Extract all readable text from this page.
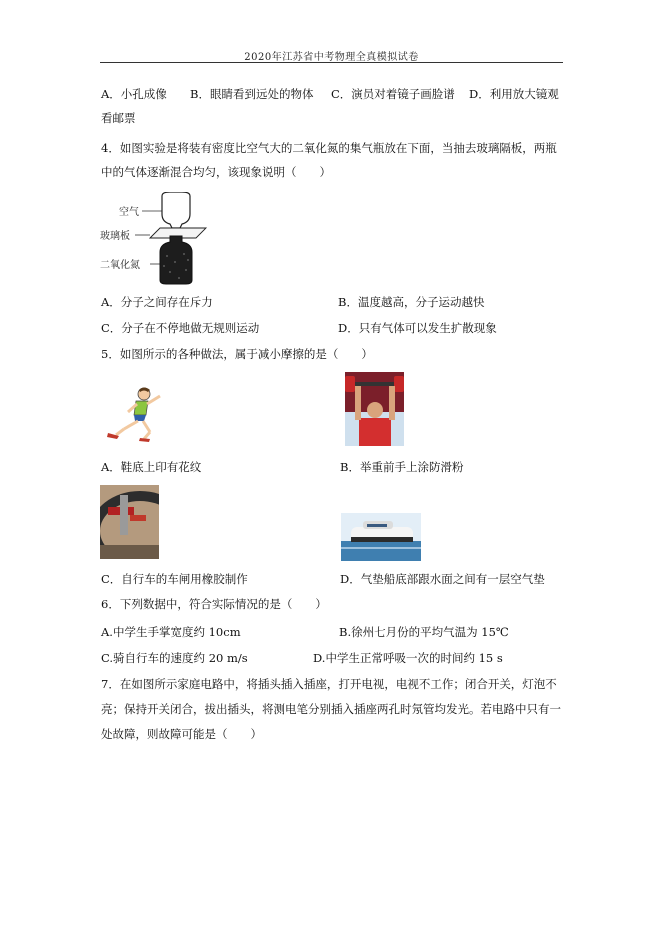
2020年江苏省中考物理全真模拟试卷
A．小孔成像 B．眼睛看到远处的物体 C．演员对着镜子画脸谱 D．利用放大镜观
看邮票
4．如图实验是将装有密度比空气大的二氧化氮的集气瓶放在下面，当抽去玻璃隔板，两瓶
中的气体逐渐混合均匀，该现象说明（　　）
空气
玻璃板
二氧化氮
A．分子之间存在斥力	B．温度越高，分子运动越快
C．分子在不停地做无规则运动	D．只有气体可以发生扩散现象
5．如图所示的各种做法，属于减小摩擦的是（　　）
A．鞋底上印有花纹	B．举重前手上涂防滑粉
C．自行车的车闸用橡胶制作	D．气垫船底部跟水面之间有一层空气垫
6．下列数据中，符合实际情况的是（　　）
A.中学生手掌宽度约 10cm	B.徐州七月份的平均气温为 15℃
C.骑自行车的速度约 20 m/s	D.中学生正常呼吸一次的时间约 15 s
7．在如图所示家庭电路中，将插头插入插座，打开电视，电视不工作；闭合开关，灯泡不
亮；保持开关闭合，拔出插头，将测电笔分别插入插座两孔时氖管均发光。若电路中只有一
处故障，则故障可能是（　　）
